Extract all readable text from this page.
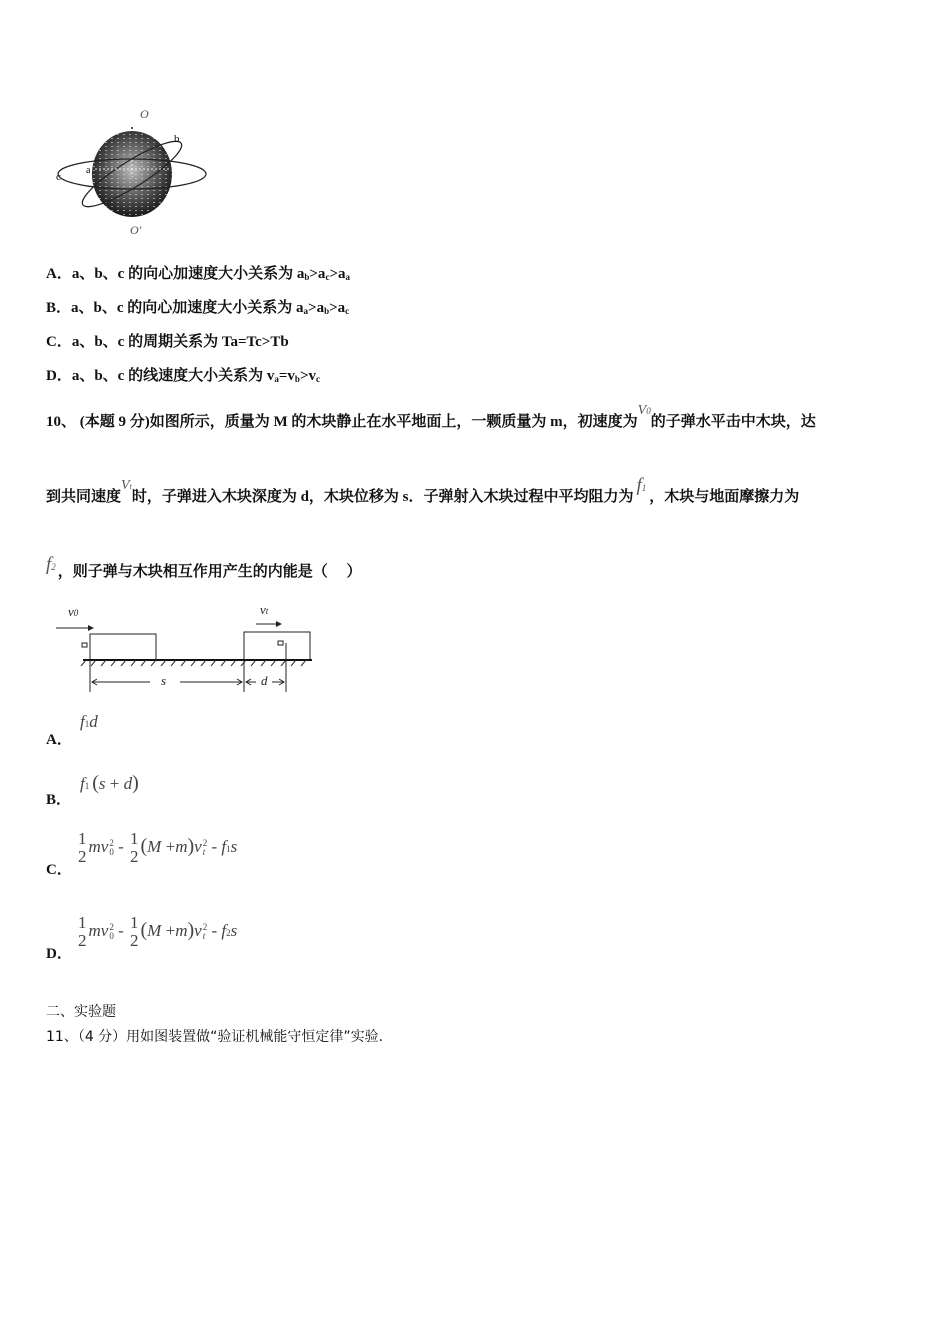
O
O'
a
b
c
A．a、b、c 的向心加速度大小关系为 $a_b>a_c>a_a$
B．a、b、c 的向心加速度大小关系为 $a_a>a_b>a_c$
C．a、b、c 的周期关系为 Ta=Tc>Tb
D．a、b、c 的线速度大小关系为 $v_a=v_b>v_c$
10、 (本题 9 分)如图所示，质量为 M 的木块静止在水平地面上，一颗质量为 m，初速度为V0的子弹水平击中木块，达
到共同速度Vt时，子弹进入木块深度为 d，木块位移为 s．子弹射入木块过程中平均阻力为f1，木块与地面摩擦力为
f2 ，则子弹与木块相互作用产生的内能是（　 ）
v0	vt
s	d
A．
f1d
B．
f1 (s + d)
C．
1
2
mv 2
0 - 1
2 (M +m)v 2
t - f1s
D．
1
2
mv 2
0 - 1
2 (M +m)v 2
t - f2s
二、实验题
11、（4 分）用如图装置做“验证机械能守恒定律”实验.
